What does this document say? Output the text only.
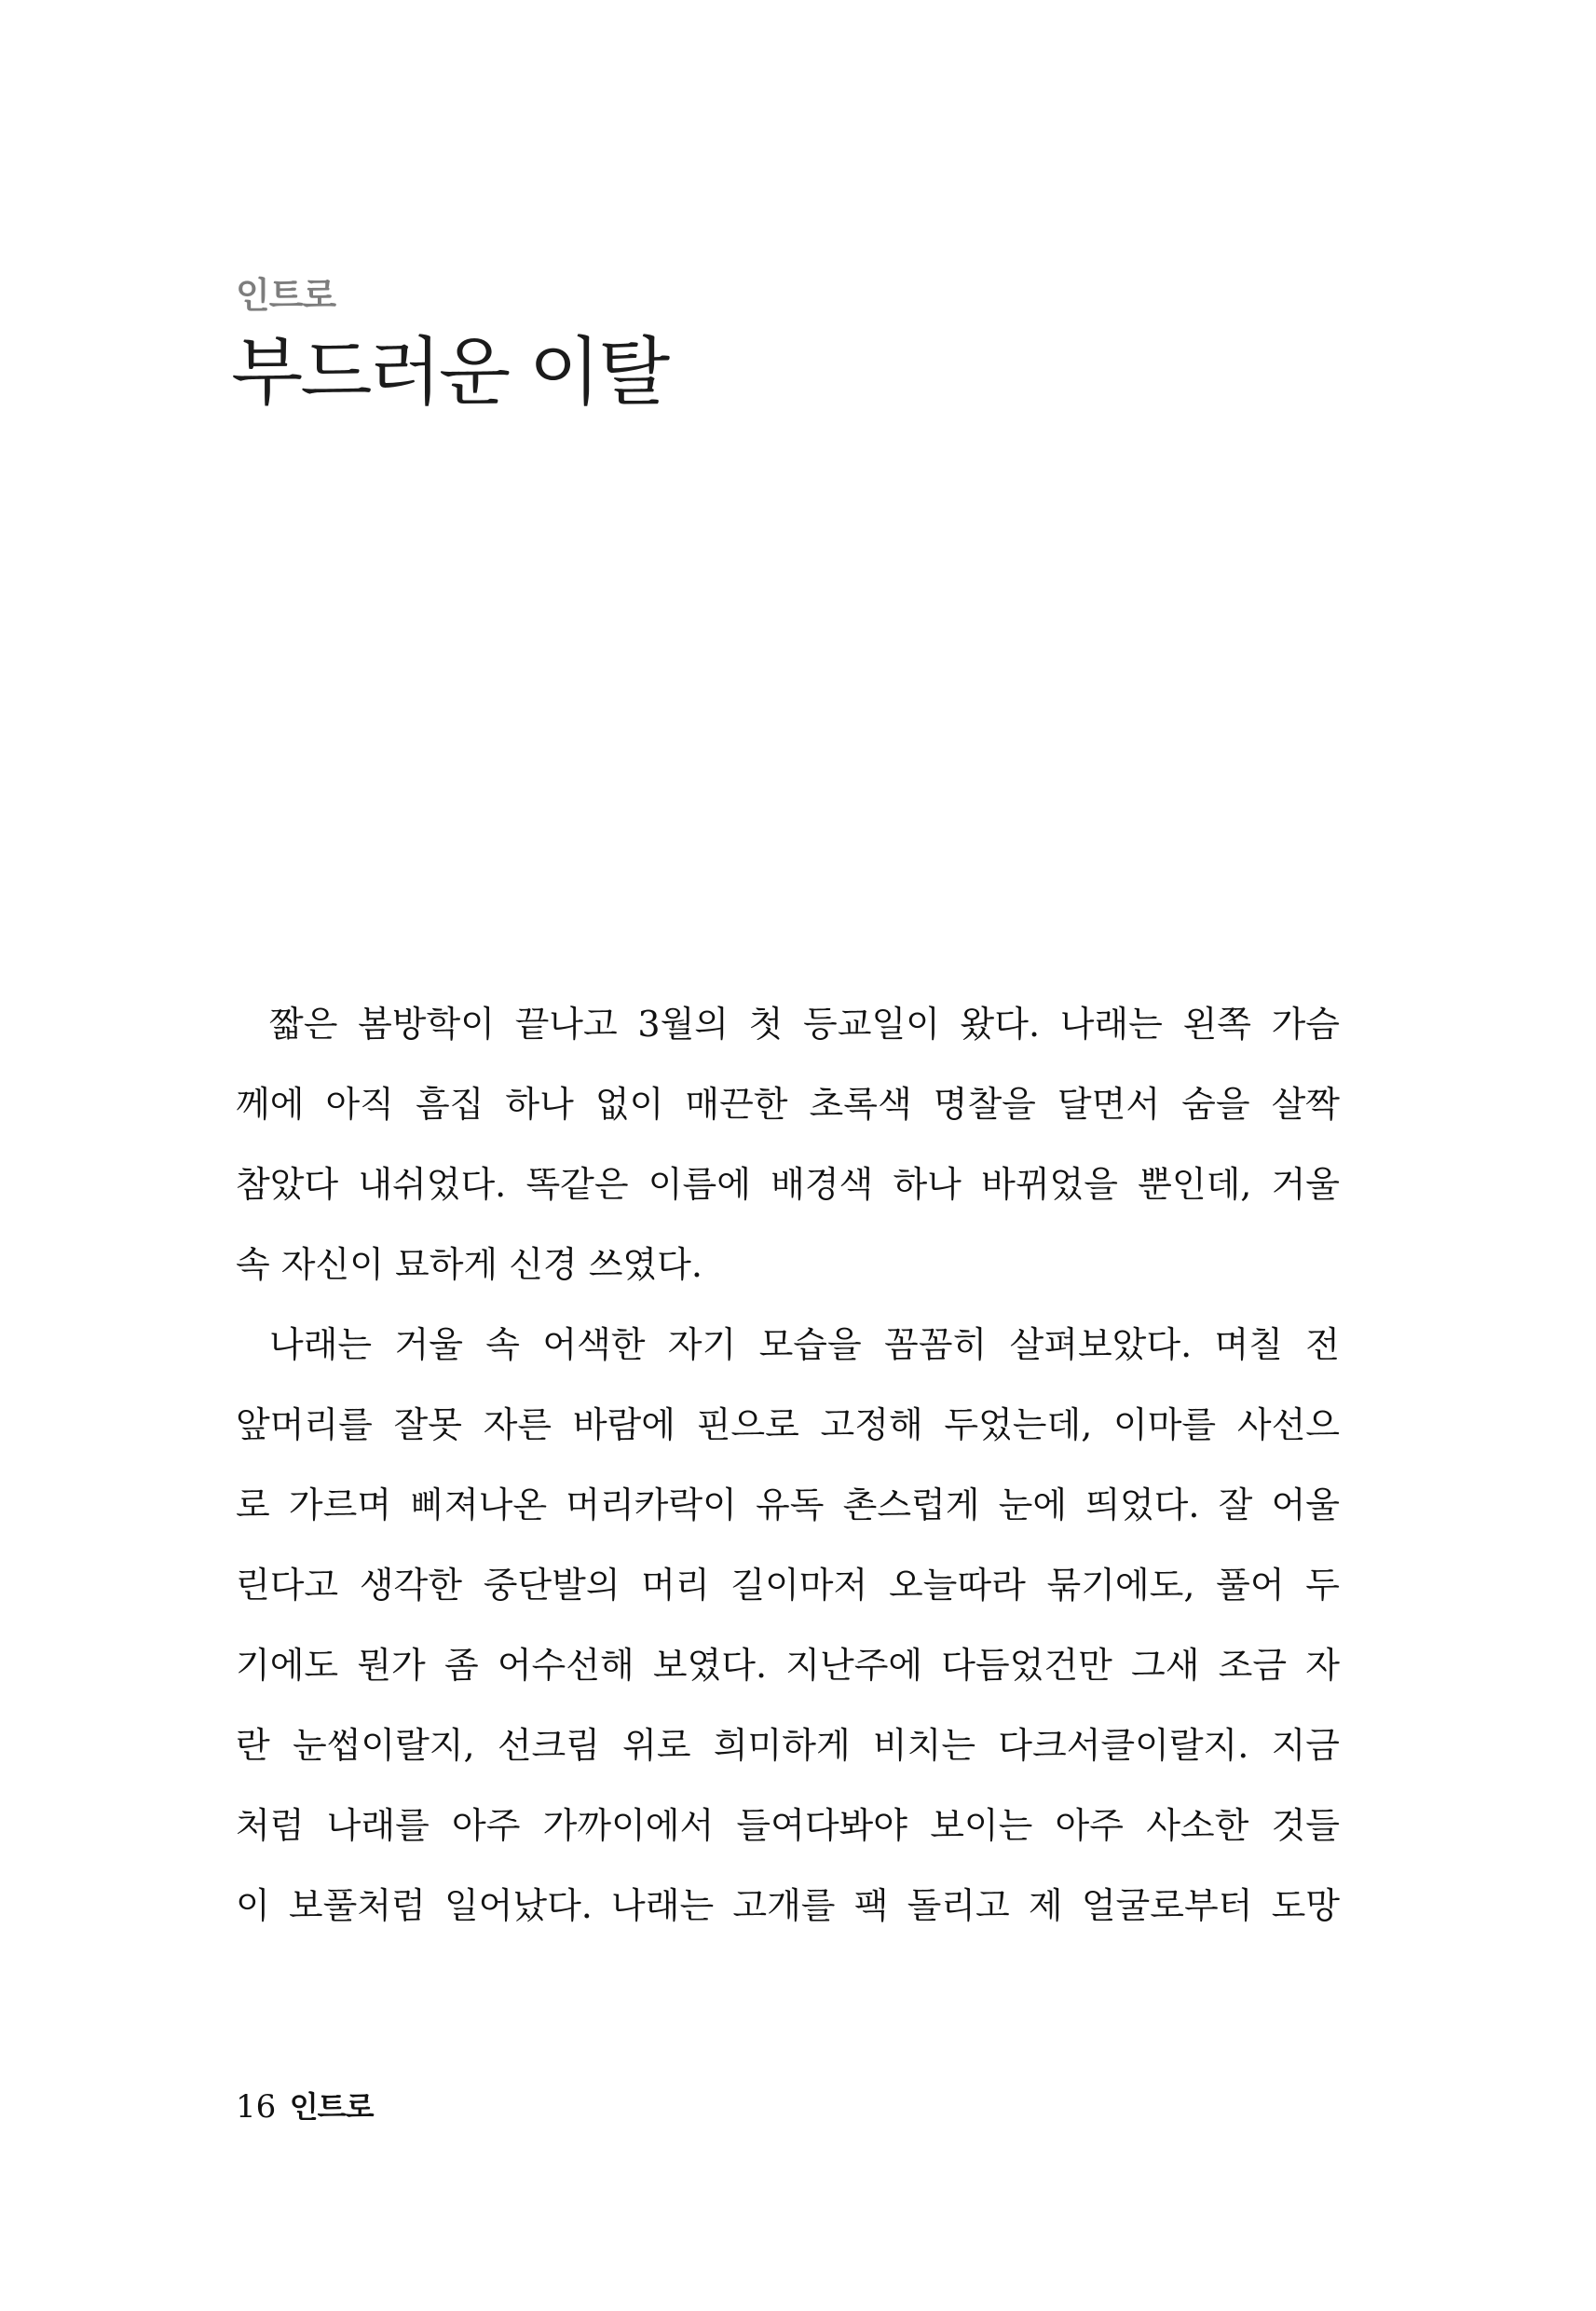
인트로
부드러운 이탈
짧은 봄방학이 끝나고 3월의 첫 등교일이 왔다. 나래는 왼쪽 가슴
께에 아직 흠집 하나 없이 매끈한 초록색 명찰을 달면서 숨을 살짝
참았다 내쉬었다. 똑같은 이름에 배경색 하나 바뀌었을 뿐인데, 거울
속 자신이 묘하게 신경 쓰였다.
나래는 거울 속 어색한 자기 모습을 꼼꼼히 살펴보았다. 며칠 전
앞머리를 잘못 자른 바람에 핀으로 고정해 두었는데, 이마를 사선으
로 가르며 삐져나온 머리카락이 유독 촌스럽게 눈에 띄었다. 잘 어울
린다고 생각한 중단발의 머리 길이마저 오늘따라 묶기에도, 풀어 두
기에도 뭔가 좀 어수선해 보였다. 지난주에 다듬었건만 그새 조금 자
란 눈썹이랄지, 선크림 위로 희미하게 비치는 다크서클이랄지. 지금
처럼 나래를 아주 가까이에서 들여다봐야 보이는 아주 사소한 것들
이 보풀처럼 일어났다. 나래는 고개를 팩 돌리고 제 얼굴로부터 도망
16 인트로
